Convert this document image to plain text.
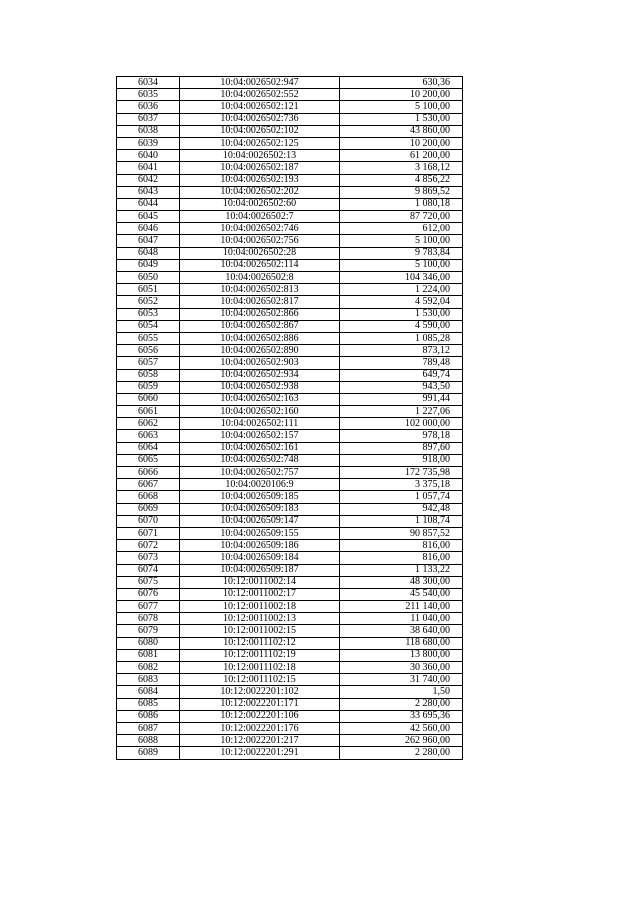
6034	10:04:0026502:947	630,36
6035	10:04:0026502:552	10 200,00
6036	10:04:0026502:121	5 100,00
6037	10:04:0026502:736	1 530,00
6038	10:04:0026502:102	43 860,00
6039	10:04:0026502:125	10 200,00
6040	10:04:0026502:13	61 200,00
6041	10:04:0026502:187	3 168,12
6042	10:04:0026502:193	4 856,22
6043	10:04:0026502:202	9 869,52
6044	10:04:0026502:60	1 080,18
6045	10:04:0026502:7	87 720,00
6046	10:04:0026502:746	612,00
6047	10:04:0026502:756	5 100,00
6048	10:04:0026502:28	9 783,84
6049	10:04:0026502:114	5 100,00
6050	10:04:0026502:8	104 346,00
6051	10:04:0026502:813	1 224,00
6052	10:04:0026502:817	4 592,04
6053	10:04:0026502:866	1 530,00
6054	10:04:0026502:867	4 590,00
6055	10:04:0026502:886	1 085,28
6056	10:04:0026502:890	873,12
6057	10:04:0026502:903	789,48
6058	10:04:0026502:934	649,74
6059	10:04:0026502:938	943,50
6060	10:04:0026502:163	991,44
6061	10:04:0026502:160	1 227,06
6062	10:04:0026502:111	102 000,00
6063	10:04:0026502:157	978,18
6064	10:04:0026502:161	897,60
6065	10:04:0026502:748	918,00
6066	10:04:0026502:757	172 735,98
6067	10:04:0020106:9	3 375,18
6068	10:04:0026509:185	1 057,74
6069	10:04:0026509:183	942,48
6070	10:04:0026509:147	1 108,74
6071	10:04:0026509:155	90 857,52
6072	10:04:0026509:186	816,00
6073	10:04:0026509:184	816,00
6074	10:04:0026509:187	1 133,22
6075	10:12:0011002:14	48 300,00
6076	10:12:0011002:17	45 540,00
6077	10:12:0011002:18	211 140,00
6078	10:12:0011002:13	11 040,00
6079	10:12:0011002:15	38 640,00
6080	10:12:0011102:12	118 680,00
6081	10:12:0011102:19	13 800,00
6082	10:12:0011102:18	30 360,00
6083	10:12:0011102:15	31 740,00
6084	10:12:0022201:102	1,50
6085	10:12:0022201:171	2 280,00
6086	10:12:0022201:106	33 695,36
6087	10:12:0022201:176	42 560,00
6088	10:12:0022201:217	262 960,00
6089	10:12:0022201:291	2 280,00
